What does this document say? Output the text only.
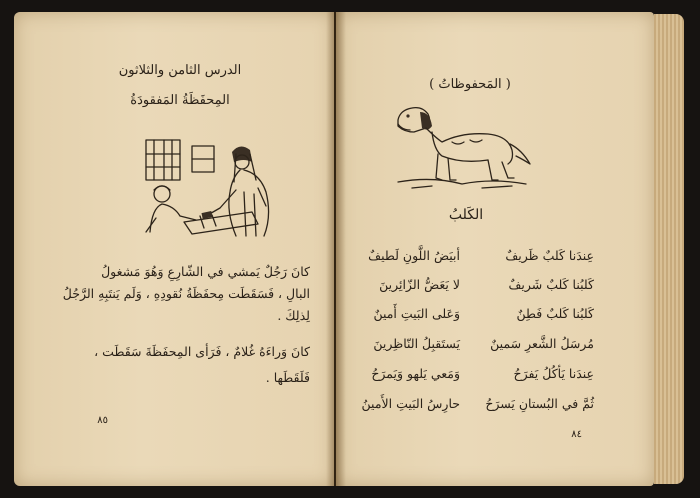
الدرس الثامن والثلاثون
المِحفَظَةُ المَفقودَةُ
كانَ رَجُلٌ يَمشي في الشّارِعِ وَهُوَ مَشغولُ
البالِ ، فَسَقَطَت مِحفَظَةُ نُقودِهِ ، وَلَم يَنتَبِهِ الرَّجُلُ
لِذلِكَ .
كانَ وَراءَهُ غُلامٌ ، فَرَأى المِحفَظَةَ سَقَطَت ،
فَلَقَطَها .
٨٥
( المَحفوظاتُ )
الكَلبُ
عِندَنا كَلبٌ ظَريفٌ
أبيَضُ اللَّونِ لَطيفٌ
كَلبُنا كَلبٌ شَريفٌ
لا يَعَضُّ الزّائِرينَ
كَلبُنا كَلبٌ فَطِنٌ
وَعَلى البَيتِ أَمينٌ
مُرسَلُ الشَّعرِ سَمينٌ
يَستَقبِلُ النّاظِرينَ
عِندَنا يَأكُلُ يَفرَحُ
وَمَعي يَلهو وَيَمرَحُ
ثُمَّ في البُستانِ يَسرَحُ
حارِسُ البَيتِ الأَمينُ
٨٤
